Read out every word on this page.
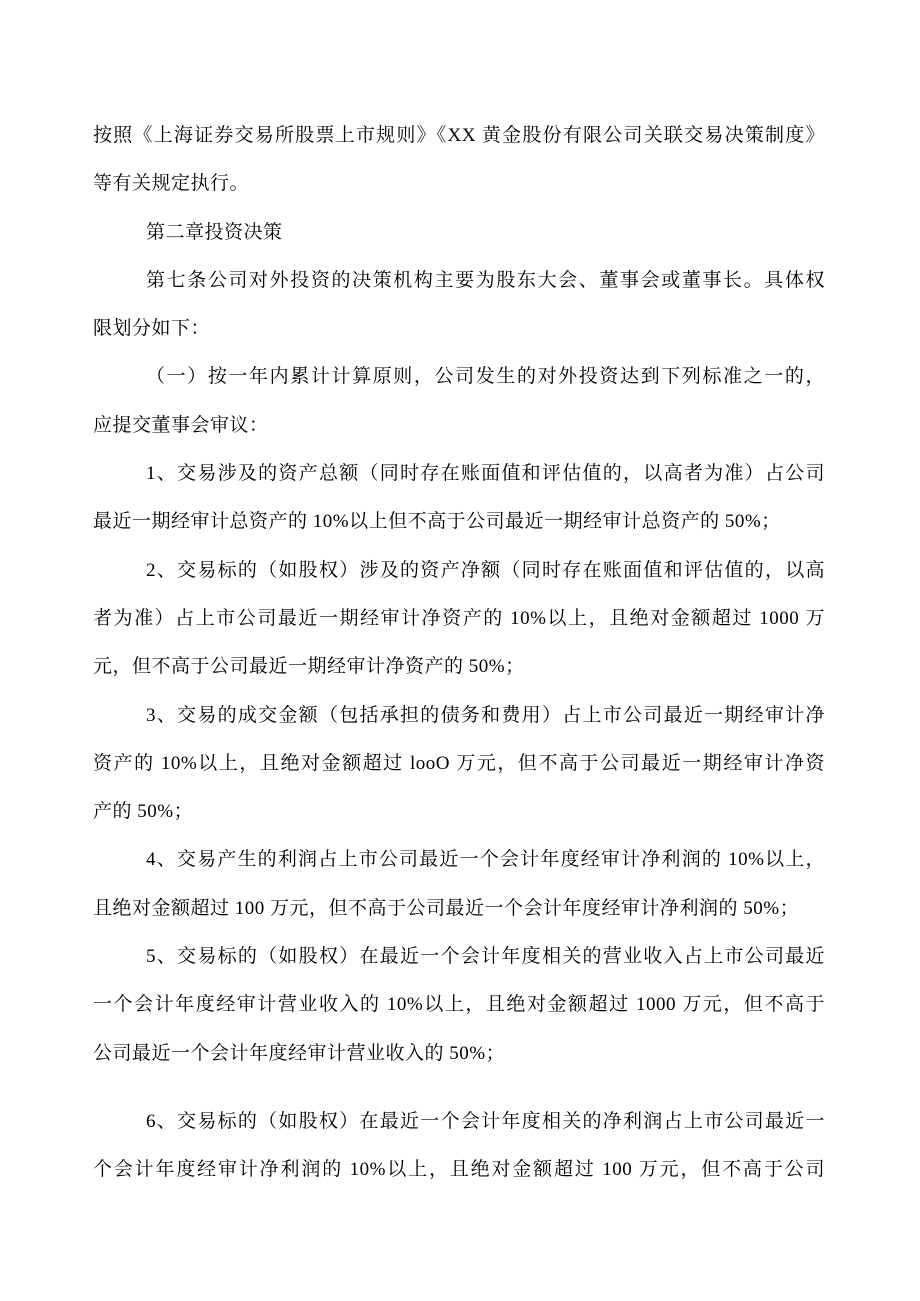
按照《上海证券交易所股票上市规则》《XX 黄金股份有限公司关联交易决策制度》
等有关规定执行。
第二章投资决策
第七条公司对外投资的决策机构主要为股东大会、董事会或董事长。具体权
限划分如下：
（一）按一年内累计计算原则，公司发生的对外投资达到下列标准之一的，
应提交董事会审议：
1、交易涉及的资产总额（同时存在账面值和评估值的，以高者为准）占公司
最近一期经审计总资产的 10%以上但不高于公司最近一期经审计总资产的 50%；
2、交易标的（如股权）涉及的资产净额（同时存在账面值和评估值的，以高
者为准）占上市公司最近一期经审计净资产的 10%以上，且绝对金额超过 1000 万
元，但不高于公司最近一期经审计净资产的 50%；
3、交易的成交金额（包括承担的债务和费用）占上市公司最近一期经审计净
资产的 10%以上，且绝对金额超过 looO 万元，但不高于公司最近一期经审计净资
产的 50%；
4、交易产生的利润占上市公司最近一个会计年度经审计净利润的 10%以上，
且绝对金额超过 100 万元，但不高于公司最近一个会计年度经审计净利润的 50%；
5、交易标的（如股权）在最近一个会计年度相关的营业收入占上市公司最近
一个会计年度经审计营业收入的 10%以上，且绝对金额超过 1000 万元，但不高于
公司最近一个会计年度经审计营业收入的 50%；
6、交易标的（如股权）在最近一个会计年度相关的净利润占上市公司最近一
个会计年度经审计净利润的 10%以上，且绝对金额超过 100 万元，但不高于公司
